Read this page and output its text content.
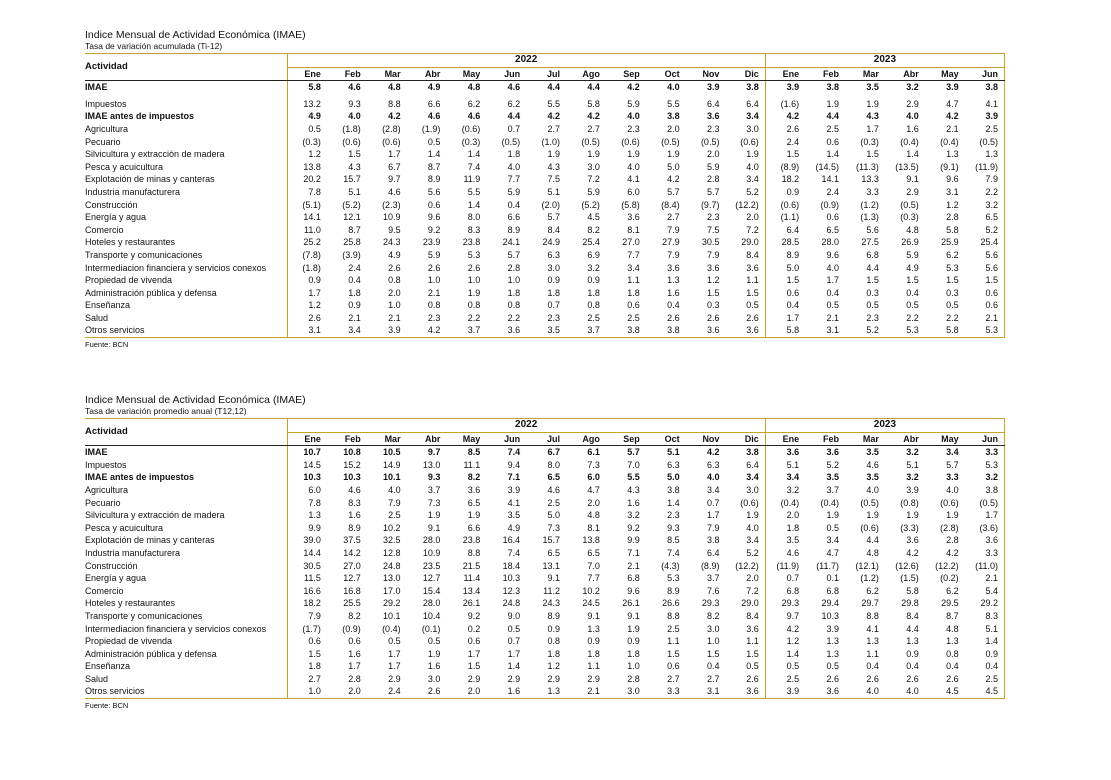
Indice Mensual de Actividad Económica (IMAE)

Tasa de variación acumulada (Ti-12)

Actividad	2022												2023					
	Ene	Feb	Mar	Abr	May	Jun	Jul	Ago	Sep	Oct	Nov	Dic	Ene	Feb	Mar	Abr	May	Jun
IMAE	5.8	4.6	4.8	4.9	4.8	4.6	4.4	4.4	4.2	4.0	3.9	3.8	3.9	3.8	3.5	3.2	3.9	3.8

Impuestos	13.2	9.3	8.8	6.6	6.2	6.2	5.5	5.8	5.9	5.5	6.4	6.4	(1.6)	1.9	1.9	2.9	4.7	4.1
IMAE antes de impuestos	4.9	4.0	4.2	4.6	4.6	4.4	4.2	4.2	4.0	3.8	3.6	3.4	4.2	4.4	4.3	4.0	4.2	3.9
Agricultura	0.5	(1.8)	(2.8)	(1.9)	(0.6)	0.7	2.7	2.7	2.3	2.0	2.3	3.0	2.6	2.5	1.7	1.6	2.1	2.5
Pecuario	(0.3)	(0.6)	(0.6)	0.5	(0.3)	(0.5)	(1.0)	(0.5)	(0.6)	(0.5)	(0.5)	(0.6)	2.4	0.6	(0.3)	(0.4)	(0.4)	(0.5)
Silvicultura y extracción de madera	1.2	1.5	1.7	1.4	1.4	1.8	1.9	1.9	1.9	1.9	2.0	1.9	1.5	1.4	1.5	1.4	1.3	1.3
Pesca y acuicultura	13.8	4.3	6.7	8.7	7.4	4.0	4.3	3.0	4.0	5.0	5.9	4.0	(8.9)	(14.5)	(11.3)	(13.5)	(9.1)	(11.9)
Explotación de minas y canteras	20.2	15.7	9.7	8.9	11.9	7.7	7.5	7.2	4.1	4.2	2.8	3.4	18.2	14.1	13.3	9.1	9.6	7.9
Industria manufacturera	7.8	5.1	4.6	5.6	5.5	5.9	5.1	5.9	6.0	5.7	5.7	5.2	0.9	2.4	3.3	2.9	3.1	2.2
Construcción	(5.1)	(5.2)	(2.3)	0.6	1.4	0.4	(2.0)	(5.2)	(5.8)	(8.4)	(9.7)	(12.2)	(0.6)	(0.9)	(1.2)	(0.5)	1.2	3.2
Energía y agua	14.1	12.1	10.9	9.6	8.0	6.6	5.7	4.5	3.6	2.7	2.3	2.0	(1.1)	0.6	(1.3)	(0.3)	2.8	6.5
Comercio	11.0	8.7	9.5	9.2	8.3	8.9	8.4	8.2	8.1	7.9	7.5	7.2	6.4	6.5	5.6	4.8	5.8	5.2
Hoteles y restaurantes	25.2	25.8	24.3	23.9	23.8	24.1	24.9	25.4	27.0	27.9	30.5	29.0	28.5	28.0	27.5	26.9	25.9	25.4
Transporte y comunicaciones	(7.8)	(3.9)	4.9	5.9	5.3	5.7	6.3	6.9	7.7	7.9	7.9	8.4	8.9	9.6	6.8	5.9	6.2	5.6
Intermediacion financiera y servicios conexos	(1.8)	2.4	2.6	2.6	2.6	2.8	3.0	3.2	3.4	3.6	3.6	3.6	5.0	4.0	4.4	4.9	5.3	5.6
Propiedad de vivenda	0.9	0.4	0.8	1.0	1.0	1.0	0.9	0.9	1.1	1.3	1.2	1.1	1.5	1.7	1.5	1.5	1.5	1.5
Administración pública y defensa	1.7	1.8	2.0	2.1	1.9	1.8	1.8	1.8	1.8	1.6	1.5	1.5	0.6	0.4	0.3	0.4	0.3	0.6
Enseñanza	1.2	0.9	1.0	0.8	0.8	0.8	0.7	0.8	0.6	0.4	0.3	0.5	0.4	0.5	0.5	0.5	0.5	0.6
Salud	2.6	2.1	2.1	2.3	2.2	2.2	2.3	2.5	2.5	2.6	2.6	2.6	1.7	2.1	2.3	2.2	2.2	2.1
Otros servicios	3.1	3.4	3.9	4.2	3.7	3.6	3.5	3.7	3.8	3.8	3.6	3.6	5.8	3.1	5.2	5.3	5.8	5.3
Fuente: BCN

Indice Mensual de Actividad Económica (IMAE)

Tasa de variación promedio anual (T12,12)

Actividad	2022												2023					
	Ene	Feb	Mar	Abr	May	Jun	Jul	Ago	Sep	Oct	Nov	Dic	Ene	Feb	Mar	Abr	May	Jun
IMAE	10.7	10.8	10.5	9.7	8.5	7.4	6.7	6.1	5.7	5.1	4.2	3.8	3.6	3.6	3.5	3.2	3.4	3.3
Impuestos	14.5	15.2	14.9	13.0	11.1	9.4	8.0	7.3	7.0	6.3	6.3	6.4	5.1	5.2	4.6	5.1	5.7	5.3
IMAE antes de impuestos	10.3	10.3	10.1	9.3	8.2	7.1	6.5	6.0	5.5	5.0	4.0	3.4	3.4	3.5	3.5	3.2	3.3	3.2
Agricultura	6.0	4.6	4.0	3.7	3.6	3.9	4.6	4.7	4.3	3.8	3.4	3.0	3.2	3.7	4.0	3.9	4.0	3.8
Pecuario	7.8	8.3	7.9	7.3	6.5	4.1	2.5	2.0	1.6	1.4	0.7	(0.6)	(0.4)	(0.4)	(0.5)	(0.8)	(0.6)	(0.5)
Silvicultura y extracción de madera	1.3	1.6	2.5	1.9	1.9	3.5	5.0	4.8	3.2	2.3	1.7	1.9	2.0	1.9	1.9	1.9	1.9	1.7
Pesca y acuicultura	9.9	8.9	10.2	9.1	6.6	4.9	7.3	8.1	9.2	9.3	7.9	4.0	1.8	0.5	(0.6)	(3.3)	(2.8)	(3.6)
Explotación de minas y canteras	39.0	37.5	32.5	28.0	23.8	16.4	15.7	13.8	9.9	8.5	3.8	3.4	3.5	3.4	4.4	3.6	2.8	3.6
Industria manufacturera	14.4	14.2	12.8	10.9	8.8	7.4	6.5	6.5	7.1	7.4	6.4	5.2	4.6	4.7	4.8	4.2	4.2	3.3
Construcción	30.5	27.0	24.8	23.5	21.5	18.4	13.1	7.0	2.1	(4.3)	(8.9)	(12.2)	(11.9)	(11.7)	(12.1)	(12.6)	(12.2)	(11.0)
Energía y agua	11.5	12.7	13.0	12.7	11.4	10.3	9.1	7.7	6.8	5.3	3.7	2.0	0.7	0.1	(1.2)	(1.5)	(0.2)	2.1
Comercio	16.6	16.8	17.0	15.4	13.4	12.3	11.2	10.2	9.6	8.9	7.6	7.2	6.8	6.8	6.2	5.8	6.2	5.4
Hoteles y restaurantes	18.2	25.5	29.2	28.0	26.1	24.8	24.3	24.5	26.1	26.6	29.3	29.0	29.3	29.4	29.7	29.8	29.5	29.2
Transporte y comunicaciones	7.9	8.2	10.1	10.4	9.2	9.0	8.9	9.1	9.1	8.8	8.2	8.4	9.7	10.3	8.8	8.4	8.7	8.3
Intermediacion financiera y servicios conexos	(1.7)	(0.9)	(0.4)	(0.1)	0.2	0.5	0.9	1.3	1.9	2.5	3.0	3.6	4.2	3.9	4.1	4.4	4.8	5.1
Propiedad de vivenda	0.6	0.6	0.5	0.5	0.6	0.7	0.8	0.9	0.9	1.1	1.0	1.1	1.2	1.3	1.3	1.3	1.3	1.4
Administración pública y defensa	1.5	1.6	1.7	1.9	1.7	1.7	1.8	1.8	1.8	1.5	1.5	1.5	1.4	1.3	1.1	0.9	0.8	0.9
Enseñanza	1.8	1.7	1.7	1.6	1.5	1.4	1.2	1.1	1.0	0.6	0.4	0.5	0.5	0.5	0.4	0.4	0.4	0.4
Salud	2.7	2.8	2.9	3.0	2.9	2.9	2.9	2.9	2.8	2.7	2.7	2.6	2.5	2.6	2.6	2.6	2.6	2.5
Otros servicios	1.0	2.0	2.4	2.6	2.0	1.6	1.3	2.1	3.0	3.3	3.1	3.6	3.9	3.6	4.0	4.0	4.5	4.5
Fuente: BCN
